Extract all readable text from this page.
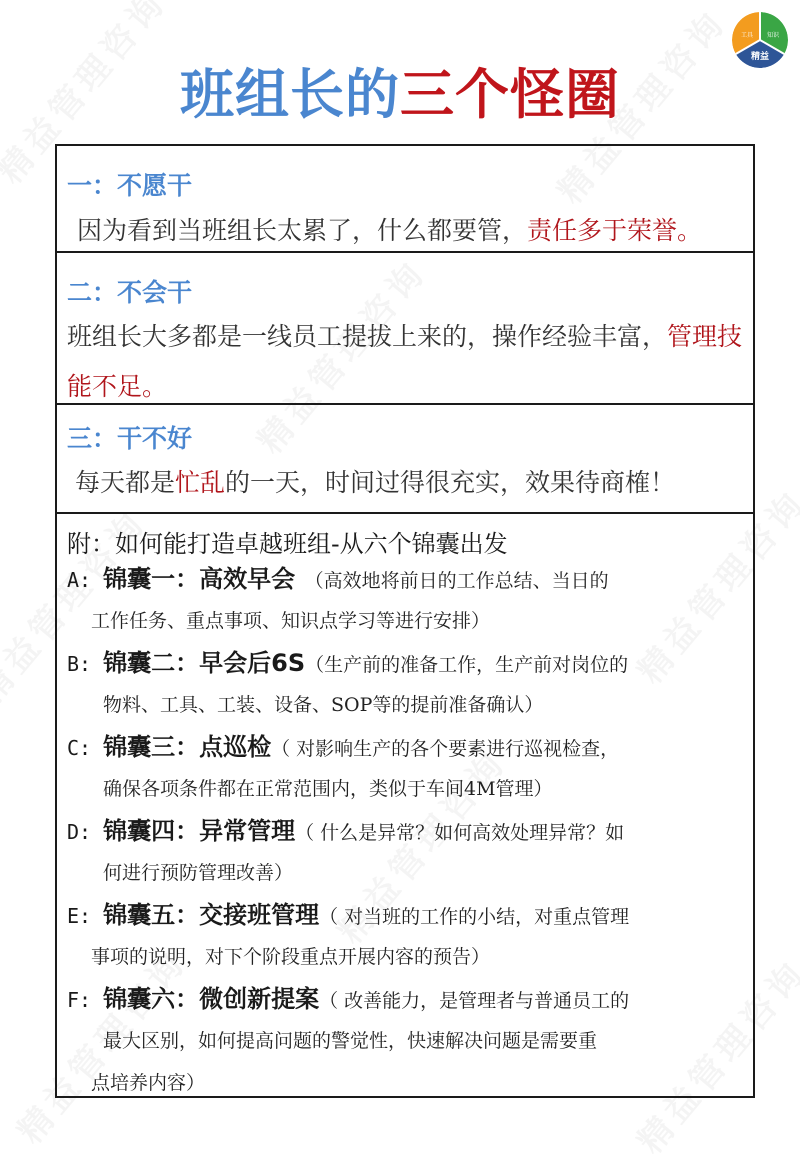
工具 知识
精益
班组长的三个怪圈
一：不愿干
因为看到当班组长太累了，什么都要管，责任多于荣誉。
二：不会干
班组长大多都是一线员工提拔上来的，操作经验丰富，管理技能不足。
三：干不好
每天都是忙乱的一天，时间过得很充实，效果待商榷！
附：如何能打造卓越班组-从六个锦囊出发
A: 锦囊一：高效早会　（高效地将前日的工作总结、当日的
工作任务、重点事项、知识点学习等进行安排）
B: 锦囊二：早会后6S（生产前的准备工作，生产前对岗位的
物料、工具、工装、设备、SOP等的提前准备确认）
C: 锦囊三：点巡检（ 对影响生产的各个要素进行巡视检查，
确保各项条件都在正常范围内，类似于车间4M管理）
D: 锦囊四：异常管理（ 什么是异常？如何高效处理异常？如
何进行预防管理改善）
E: 锦囊五：交接班管理（ 对当班的工作的小结，对重点管理
事项的说明，对下个阶段重点开展内容的预告）
F: 锦囊六：微创新提案（ 改善能力，是管理者与普通员工的
最大区别，如何提高问题的警觉性，快速解决问题是需要重
点培养内容）
